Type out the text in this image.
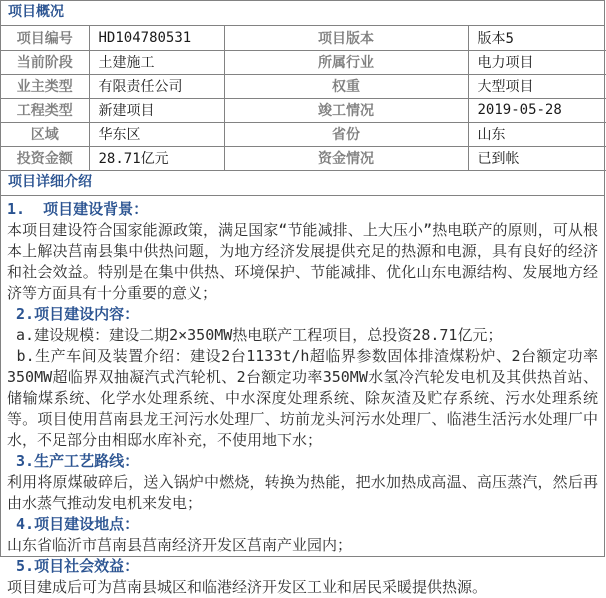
项目概况
项目编号	HD104780531	项目版本	版本5
当前阶段	土建施工	所属行业	电力项目
业主类型	有限责任公司	权重	大型项目
工程类型	新建项目	竣工情况	2019-05-28
区域	华东区	省份	山东
投资金额	28.71亿元	资金情况	已到帐
项目详细介绍
1.  项目建设背景：

本项目建设符合国家能源政策，满足国家“节能减排、上大压小”热电联产的原则，可从根本上解决莒南县集中供热问题，为地方经济发展提供充足的热源和电源，具有良好的经济和社会效益。特别是在集中供热、环境保护、节能减排、优化山东电源结构、发展地方经济等方面具有十分重要的意义；

2.项目建设内容：

a.建设规模：建设二期2×350MW热电联产工程项目，总投资28.71亿元；

b.生产车间及装置介绍：建设2台1133t/h超临界参数固体排渣煤粉炉、2台额定功率350MW超临界双抽凝汽式汽轮机、2台额定功率350MW水氢冷汽轮发电机及其供热首站、储输煤系统、化学水处理系统、中水深度处理系统、除灰渣及贮存系统、污水处理系统等。项目使用莒南县龙王河污水处理厂、坊前龙头河污水处理厂、临港生活污水处理厂中水，不足部分由相邸水库补充，不使用地下水；

3.生产工艺路线：

利用将原煤破碎后，送入锅炉中燃烧，转换为热能，把水加热成高温、高压蒸汽，然后再由水蒸气推动发电机来发电；

4.项目建设地点：

山东省临沂市莒南县莒南经济开发区莒南产业园内；

5.项目社会效益：

项目建成后可为莒南县城区和临港经济开发区工业和居民采暖提供热源。
